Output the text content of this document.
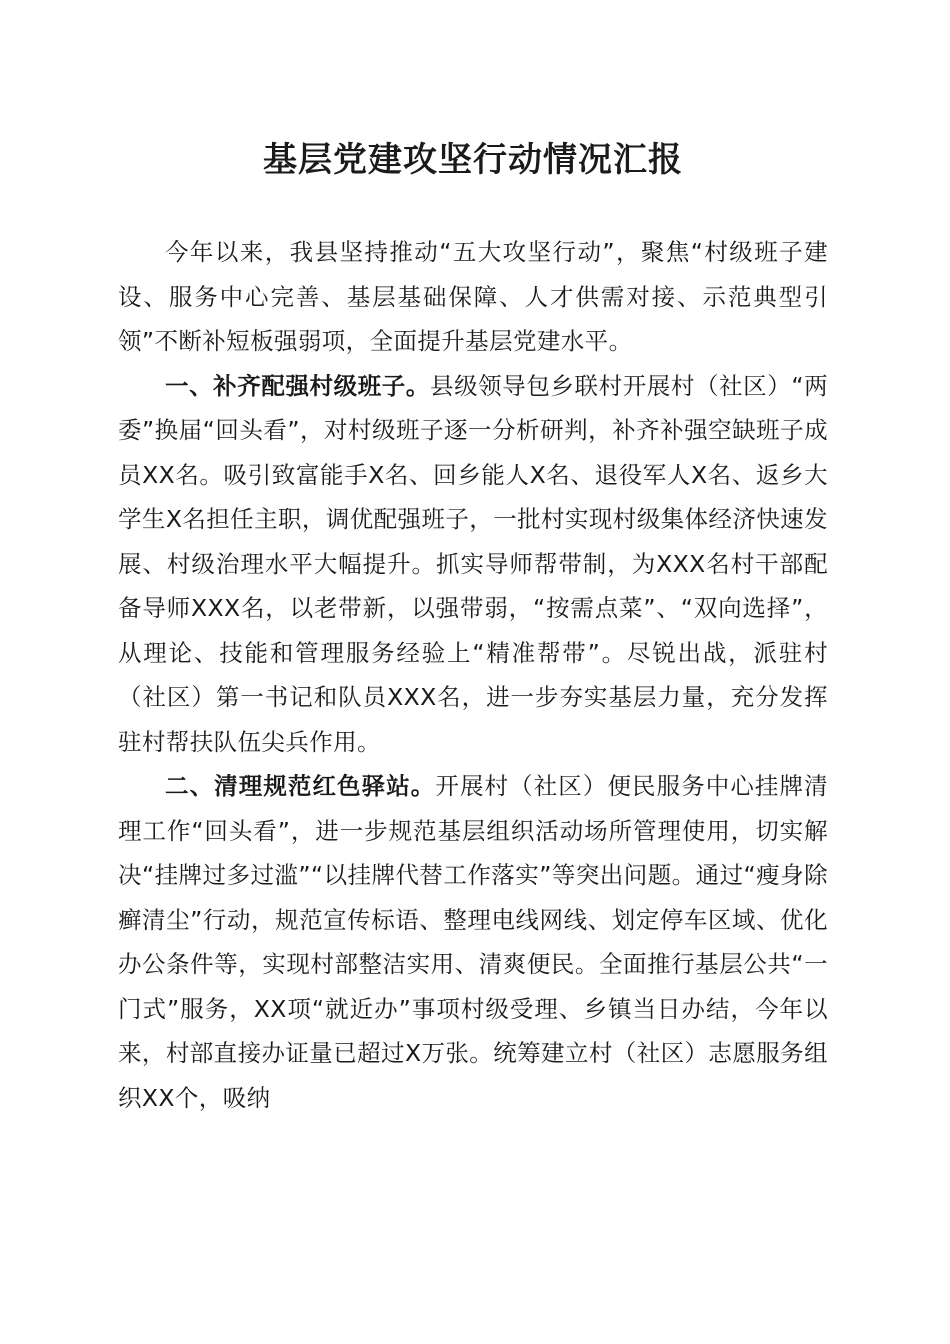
基层党建攻坚行动情况汇报

今年以来，我县坚持推动“五大攻坚行动”，聚焦“村级班子建设、服务中心完善、基层基础保障、人才供需对接、示范典型引领”不断补短板强弱项，全面提升基层党建水平。

一、补齐配强村级班子。县级领导包乡联村开展村（社区）“两委”换届“回头看”，对村级班子逐一分析研判，补齐补强空缺班子成员XX名。吸引致富能手X名、回乡能人X名、退役军人X名、返乡大学生X名担任主职，调优配强班子，一批村实现村级集体经济快速发展、村级治理水平大幅提升。抓实导师帮带制，为XXX名村干部配备导师XXX名，以老带新，以强带弱，“按需点菜”、“双向选择”，从理论、技能和管理服务经验上“精准帮带”。尽锐出战，派驻村（社区）第一书记和队员XXX名，进一步夯实基层力量，充分发挥驻村帮扶队伍尖兵作用。

二、清理规范红色驿站。开展村（社区）便民服务中心挂牌清理工作“回头看”，进一步规范基层组织活动场所管理使用，切实解决“挂牌过多过滥”“以挂牌代替工作落实”等突出问题。通过“瘦身除癣清尘”行动，规范宣传标语、整理电线网线、划定停车区域、优化办公条件等，实现村部整洁实用、清爽便民。全面推行基层公共“一门式”服务，XX项“就近办”事项村级受理、乡镇当日办结，今年以来，村部直接办证量已超过X万张。统筹建立村（社区）志愿服务组织XX个，吸纳
